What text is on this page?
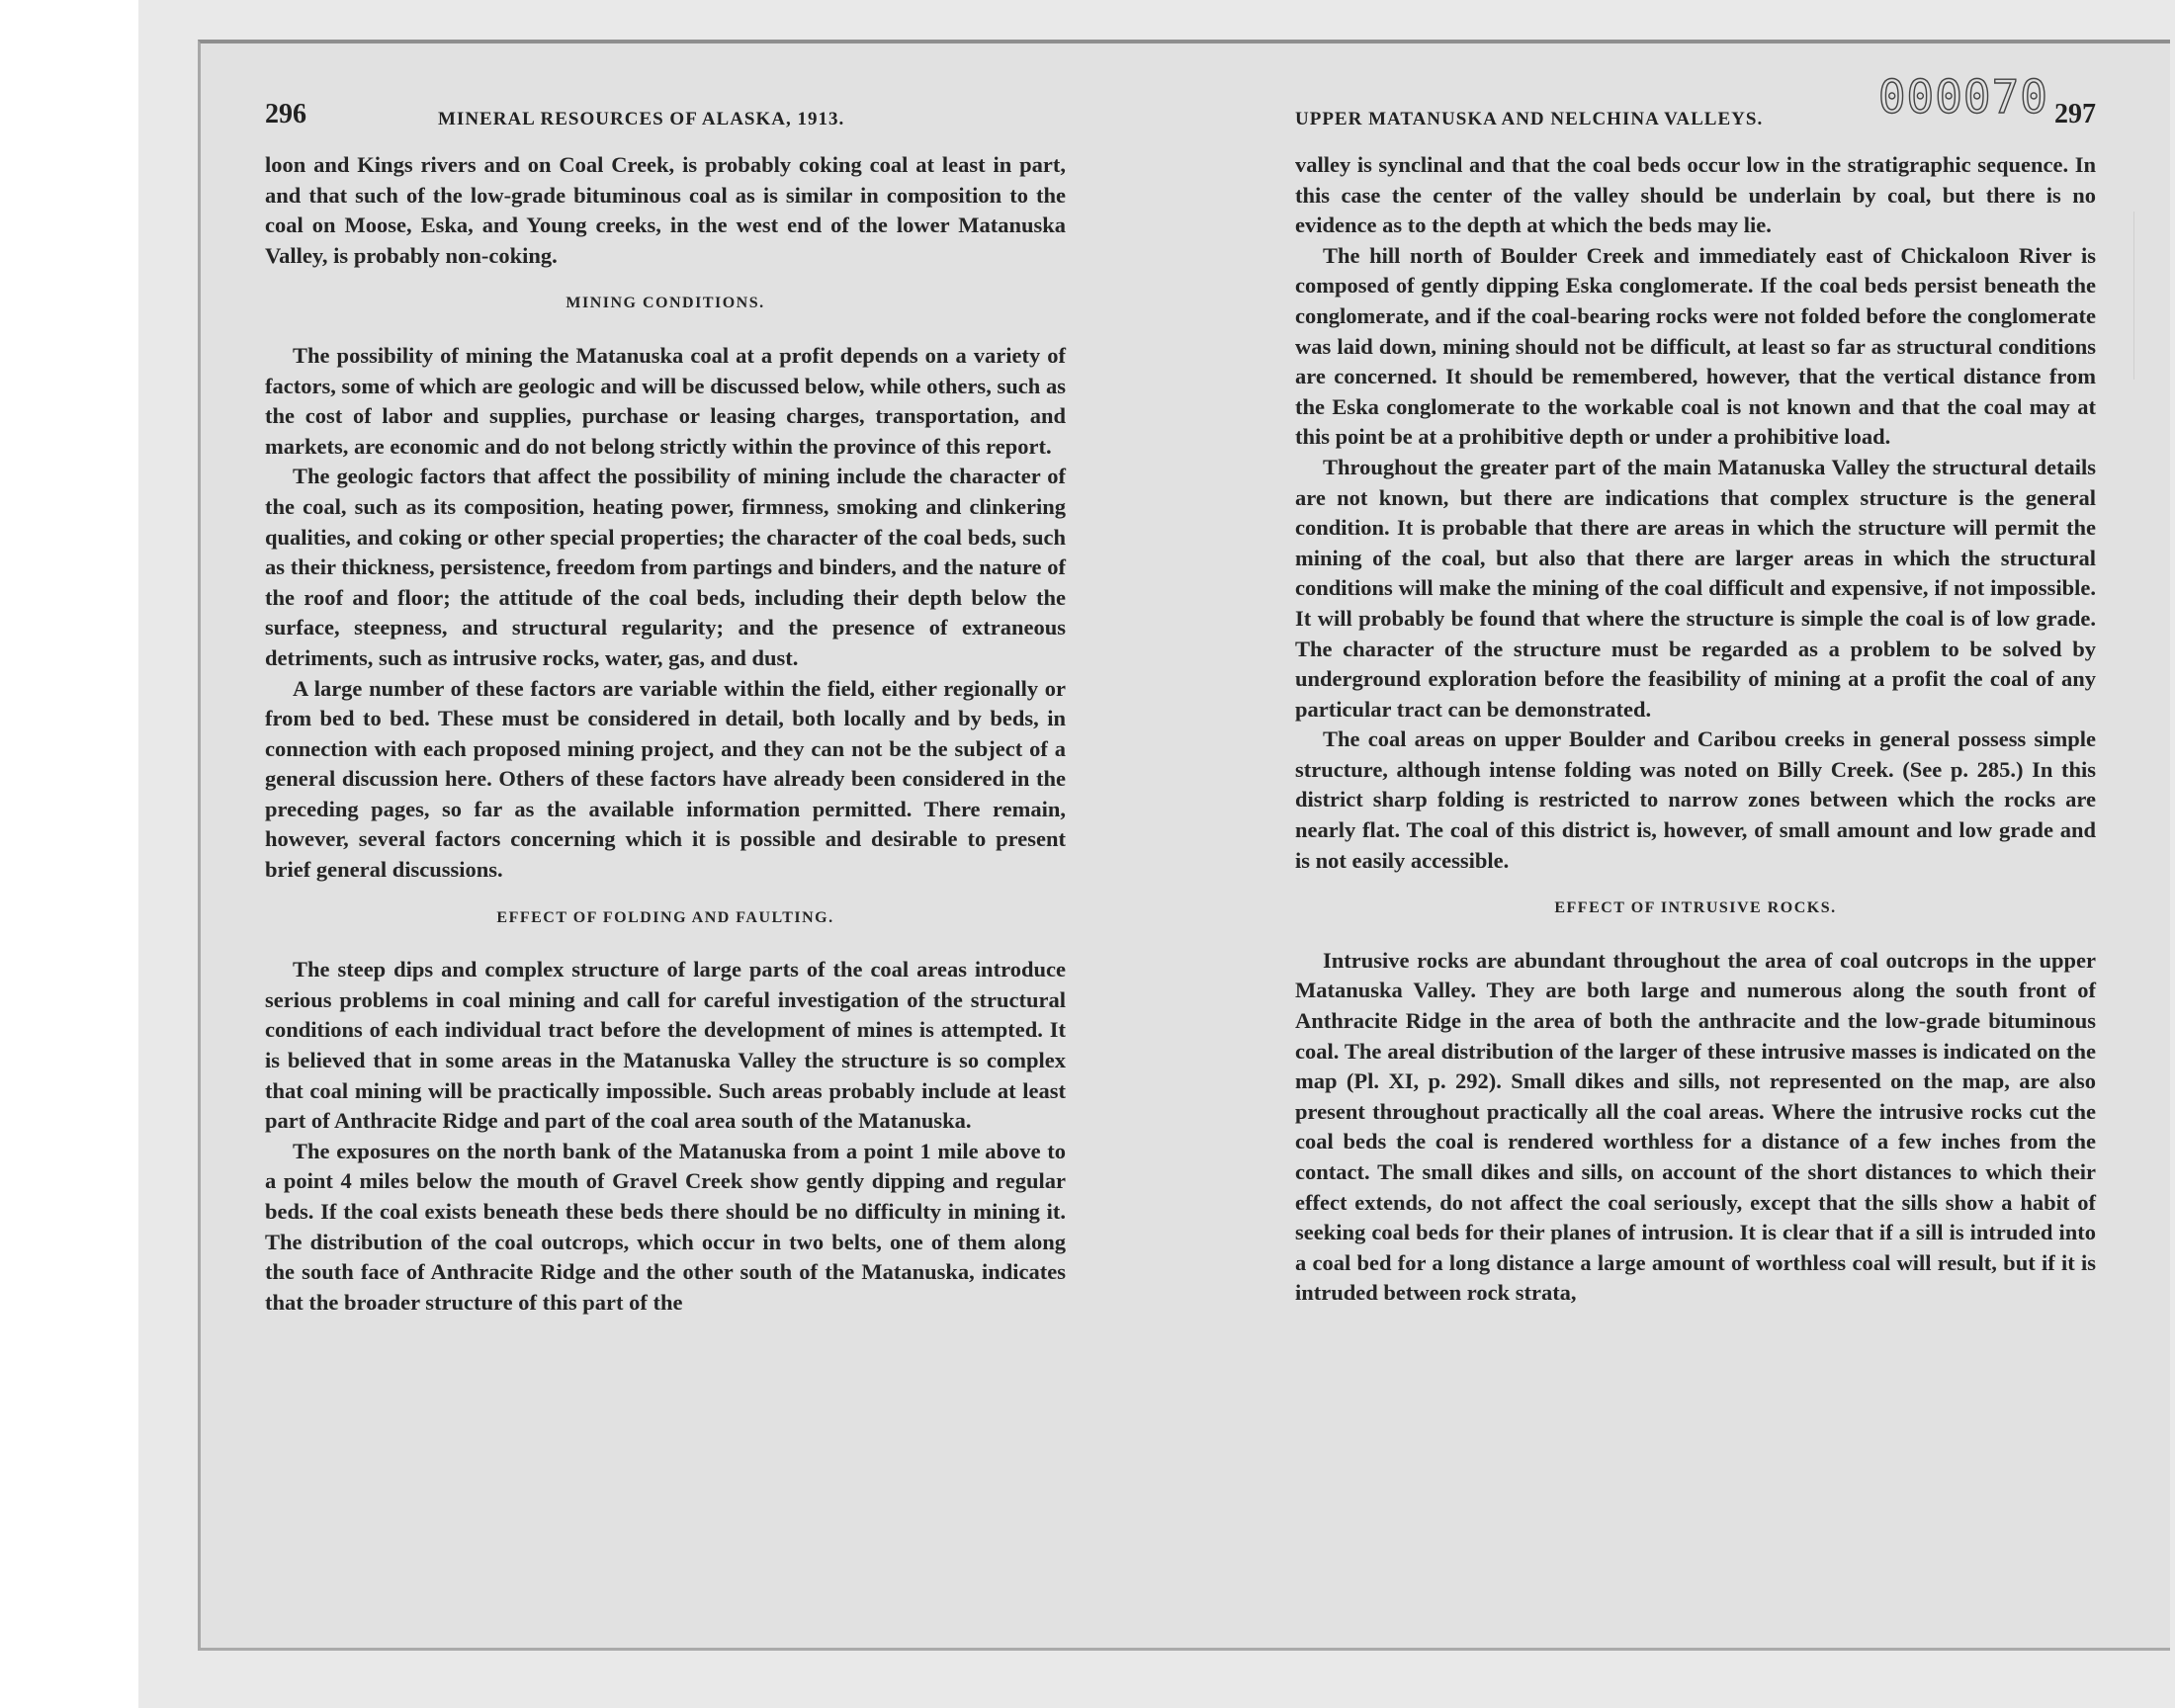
296	MINERAL RESOURCES OF ALASKA, 1913.

loon and Kings rivers and on Coal Creek, is probably coking coal at least in part, and that such of the low-grade bituminous coal as is similar in composition to the coal on Moose, Eska, and Young creeks, in the west end of the lower Matanuska Valley, is probably non-coking.

MINING CONDITIONS.

The possibility of mining the Matanuska coal at a profit depends on a variety of factors, some of which are geologic and will be discussed below, while others, such as the cost of labor and supplies, purchase or leasing charges, transportation, and markets, are economic and do not belong strictly within the province of this report.

The geologic factors that affect the possibility of mining include the character of the coal, such as its composition, heating power, firmness, smoking and clinkering qualities, and coking or other special properties; the character of the coal beds, such as their thickness, persistence, freedom from partings and binders, and the nature of the roof and floor; the attitude of the coal beds, including their depth below the surface, steepness, and structural regularity; and the presence of extraneous detriments, such as intrusive rocks, water, gas, and dust.

A large number of these factors are variable within the field, either regionally or from bed to bed. These must be considered in detail, both locally and by beds, in connection with each proposed mining project, and they can not be the subject of a general discussion here. Others of these factors have already been considered in the preceding pages, so far as the available information permitted. There remain, however, several factors concerning which it is possible and desirable to present brief general discussions.

EFFECT OF FOLDING AND FAULTING.

The steep dips and complex structure of large parts of the coal areas introduce serious problems in coal mining and call for careful investigation of the structural conditions of each individual tract before the development of mines is attempted. It is believed that in some areas in the Matanuska Valley the structure is so complex that coal mining will be practically impossible. Such areas probably include at least part of Anthracite Ridge and part of the coal area south of the Matanuska.

The exposures on the north bank of the Matanuska from a point 1 mile above to a point 4 miles below the mouth of Gravel Creek show gently dipping and regular beds. If the coal exists beneath these beds there should be no difficulty in mining it. The distribution of the coal outcrops, which occur in two belts, one of them along the south face of Anthracite Ridge and the other south of the Matanuska, indicates that the broader structure of this part of the

UPPER MATANUSKA AND NELCHINA VALLEYS.	297
000070

valley is synclinal and that the coal beds occur low in the stratigraphic sequence. In this case the center of the valley should be underlain by coal, but there is no evidence as to the depth at which the beds may lie.

The hill north of Boulder Creek and immediately east of Chickaloon River is composed of gently dipping Eska conglomerate. If the coal beds persist beneath the conglomerate, and if the coal-bearing rocks were not folded before the conglomerate was laid down, mining should not be difficult, at least so far as structural conditions are concerned. It should be remembered, however, that the vertical distance from the Eska conglomerate to the workable coal is not known and that the coal may at this point be at a prohibitive depth or under a prohibitive load.

Throughout the greater part of the main Matanuska Valley the structural details are not known, but there are indications that complex structure is the general condition. It is probable that there are areas in which the structure will permit the mining of the coal, but also that there are larger areas in which the structural conditions will make the mining of the coal difficult and expensive, if not impossible. It will probably be found that where the structure is simple the coal is of low grade. The character of the structure must be regarded as a problem to be solved by underground exploration before the feasibility of mining at a profit the coal of any particular tract can be demonstrated.

The coal areas on upper Boulder and Caribou creeks in general possess simple structure, although intense folding was noted on Billy Creek. (See p. 285.) In this district sharp folding is restricted to narrow zones between which the rocks are nearly flat. The coal of this district is, however, of small amount and low grade and is not easily accessible.

EFFECT OF INTRUSIVE ROCKS.

Intrusive rocks are abundant throughout the area of coal outcrops in the upper Matanuska Valley. They are both large and numerous along the south front of Anthracite Ridge in the area of both the anthracite and the low-grade bituminous coal. The areal distribution of the larger of these intrusive masses is indicated on the map (Pl. XI, p. 292). Small dikes and sills, not represented on the map, are also present throughout practically all the coal areas. Where the intrusive rocks cut the coal beds the coal is rendered worthless for a distance of a few inches from the contact. The small dikes and sills, on account of the short distances to which their effect extends, do not affect the coal seriously, except that the sills show a habit of seeking coal beds for their planes of intrusion. It is clear that if a sill is intruded into a coal bed for a long distance a large amount of worthless coal will result, but if it is intruded between rock strata,
